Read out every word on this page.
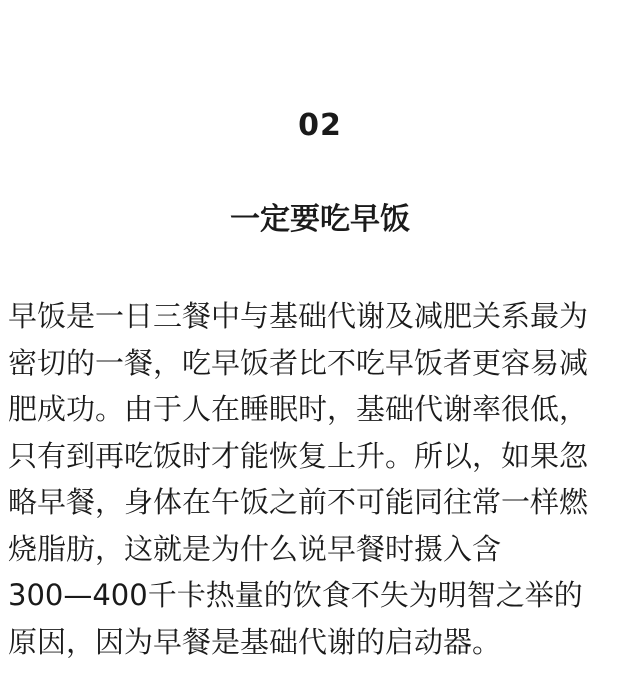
02
一定要吃早饭
早饭是一日三餐中与基础代谢及减肥关系最为
密切的一餐，吃早饭者比不吃早饭者更容易减
肥成功。由于人在睡眠时，基础代谢率很低，
只有到再吃饭时才能恢复上升。所以，如果忽
略早餐，身体在午饭之前不可能同往常一样燃
烧脂肪，这就是为什么说早餐时摄入含
300—400千卡热量的饮食不失为明智之举的
原因，因为早餐是基础代谢的启动器。
